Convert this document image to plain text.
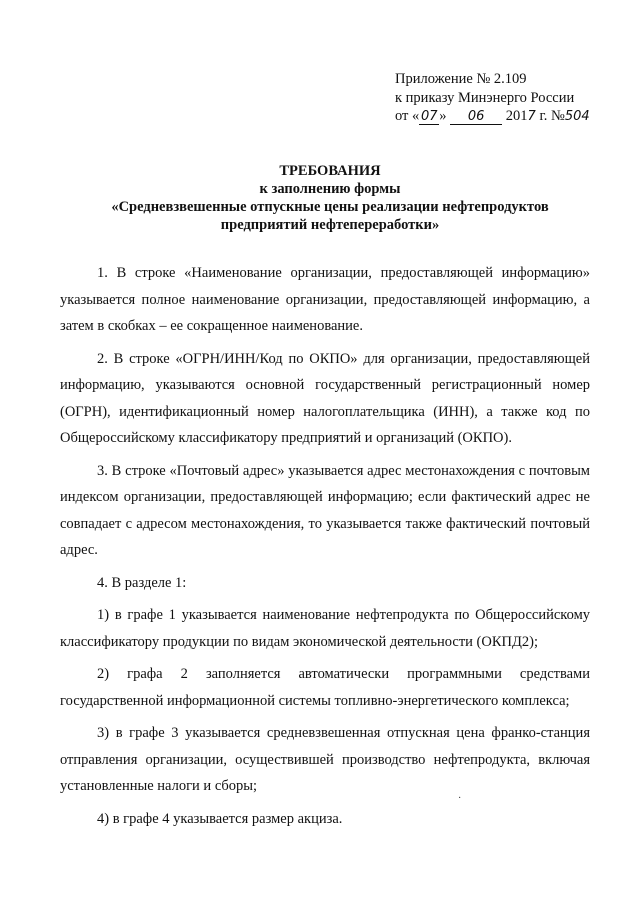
Приложение № 2.109
к приказу Минэнерго России
от « 07 » 06 2017 г. №504
ТРЕБОВАНИЯ
к заполнению формы
«Средневзвешенные отпускные цены реализации нефтепродуктов
предприятий нефтепереработки»

1. В строке «Наименование организации, предоставляющей информацию» указывается полное наименование организации, предоставляющей информацию, а затем в скобках – ее сокращенное наименование.

2. В строке «ОГРН/ИНН/Код по ОКПО» для организации, предоставляющей информацию, указываются основной государственный регистрационный номер (ОГРН), идентификационный номер налогоплательщика (ИНН), а также код по Общероссийскому классификатору предприятий и организаций (ОКПО).

3. В строке «Почтовый адрес» указывается адрес местонахождения с почтовым индексом организации, предоставляющей информацию; если фактический адрес не совпадает с адресом местонахождения, то указывается также фактический почтовый адрес.

4. В разделе 1:

1) в графе 1 указывается наименование нефтепродукта по Общероссийскому классификатору продукции по видам экономической деятельности (ОКПД2);

2) графа 2 заполняется автоматически программными средствами государственной информационной системы топливно-энергетического комплекса;

3) в графе 3 указывается средневзвешенная отпускная цена франко-станция отправления организации, осуществившей производство нефтепродукта, включая установленные налоги и сборы;

4) в графе 4 указывается размер акциза.

·
